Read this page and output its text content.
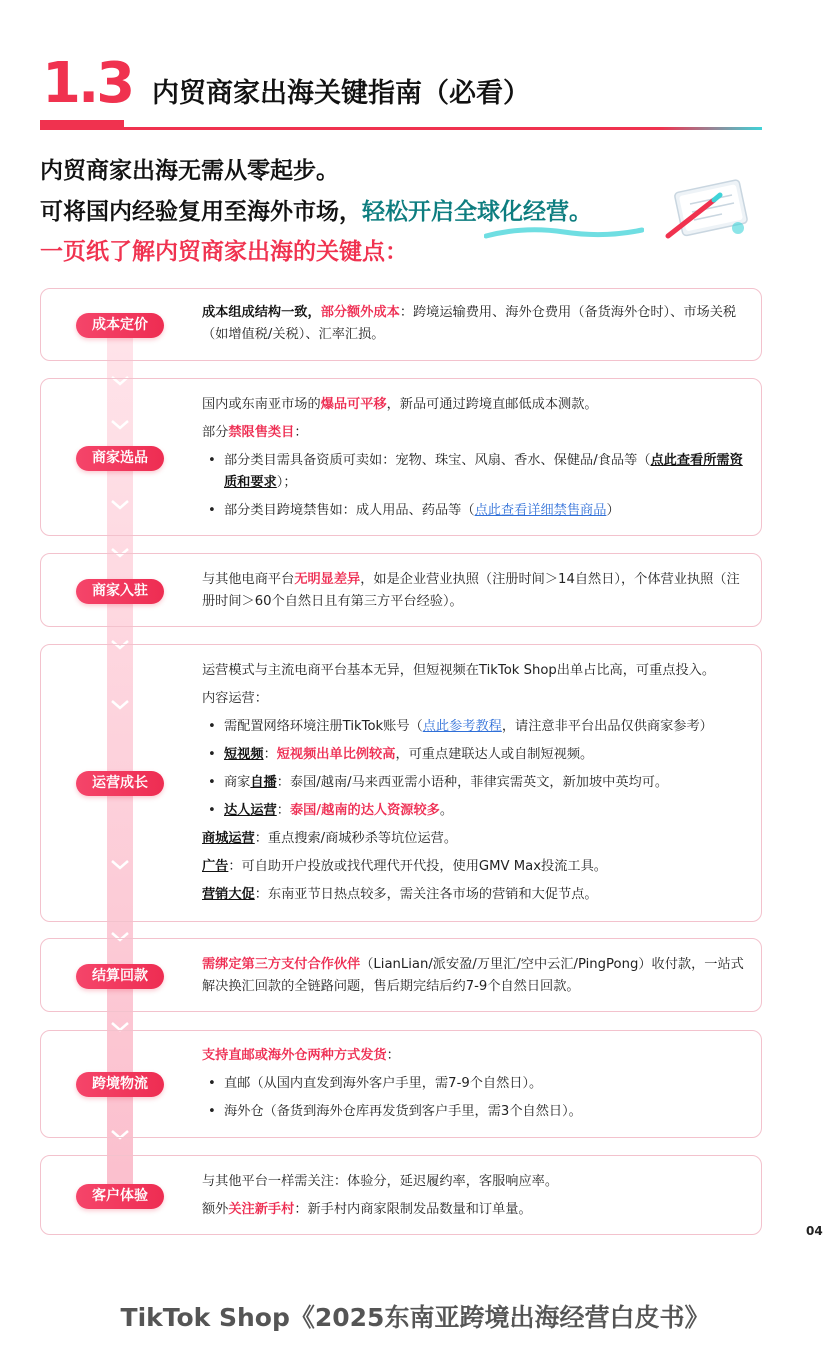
1.3 内贸商家出海关键指南（必看）
内贸商家出海无需从零起步。
可将国内经验复用至海外市场，轻松开启全球化经营。
一页纸了解内贸商家出海的关键点：
成本定价

成本组成结构一致，部分额外成本：跨境运输费用、海外仓费用（备货海外仓时）、市场关税（如增值税/关税）、汇率汇损。

商家选品

国内或东南亚市场的爆品可平移，新品可通过跨境直邮低成本测款。

部分禁限售类目：

• 部分类目需具备资质可卖如：宠物、珠宝、风扇、香水、保健品/食品等（点此查看所需资质和要求）；

• 部分类目跨境禁售如：成人用品、药品等（点此查看详细禁售商品）

商家入驻

与其他电商平台无明显差异，如是企业营业执照（注册时间＞14自然日），个体营业执照（注册时间＞60个自然日且有第三方平台经验）。

运营成长

运营模式与主流电商平台基本无异，但短视频在TikTok Shop出单占比高，可重点投入。

内容运营：

• 需配置网络环境注册TikTok账号（点此参考教程，请注意非平台出品仅供商家参考）

• 短视频：短视频出单比例较高，可重点建联达人或自制短视频。

• 商家自播：泰国/越南/马来西亚需小语种，菲律宾需英文，新加坡中英均可。

• 达人运营：泰国/越南的达人资源较多。

商城运营：重点搜索/商城秒杀等坑位运营。

广告：可自助开户投放或找代理代开代投，使用GMV Max投流工具。

营销大促：东南亚节日热点较多，需关注各市场的营销和大促节点。

结算回款

需绑定第三方支付合作伙伴（LianLian/派安盈/万里汇/空中云汇/PingPong）收付款，一站式解决换汇回款的全链路问题，售后期完结后约7-9个自然日回款。

跨境物流

支持直邮或海外仓两种方式发货：

• 直邮（从国内直发到海外客户手里，需7-9个自然日）。

• 海外仓（备货到海外仓库再发货到客户手里，需3个自然日）。

客户体验

与其他平台一样需关注：体验分，延迟履约率，客服响应率。

额外关注新手村：新手村内商家限制发品数量和订单量。

04
TikTok Shop《2025东南亚跨境出海经营白皮书》
